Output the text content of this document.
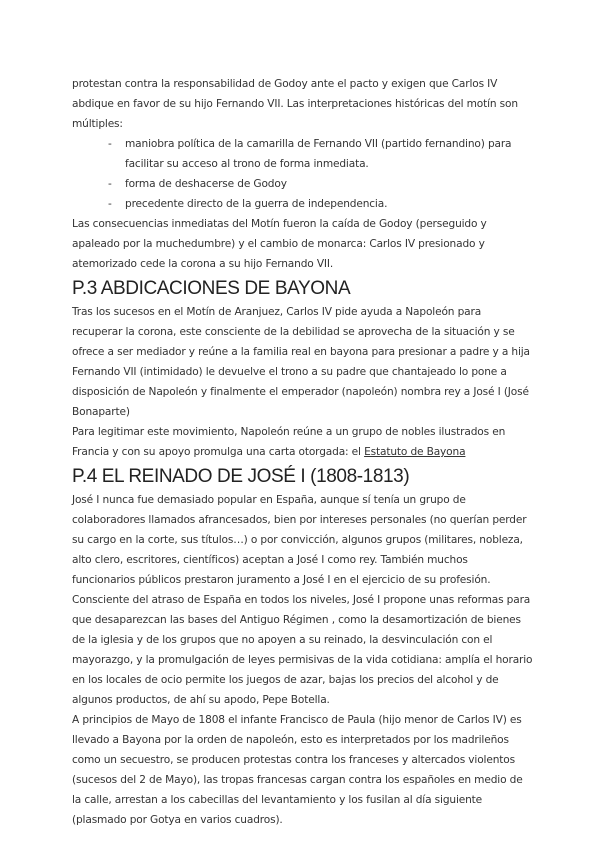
protestan contra la responsabilidad de Godoy ante el pacto y exigen que Carlos IV abdique en favor de su hijo Fernando VII. Las interpretaciones históricas del motín son múltiples:

- maniobra política de la camarilla de Fernando VII (partido fernandino) para facilitar su acceso al trono de forma inmediata.
- forma de deshacerse de Godoy
- precedente directo de la guerra de independencia.

Las consecuencias inmediatas del Motín fueron la caída de Godoy (perseguido y apaleado por la muchedumbre) y el cambio de monarca: Carlos IV presionado y atemorizado cede la corona a su hijo Fernando VII.

P.3 ABDICACIONES DE BAYONA

Tras los sucesos en el Motín de Aranjuez, Carlos IV pide ayuda a Napoleón para recuperar la corona, este consciente de la debilidad se aprovecha de la situación y se ofrece a ser mediador y reúne a la familia real en bayona para presionar a padre y a hija Fernando VII (intimidado) le devuelve el trono a su padre que chantajeado lo pone a disposición de Napoleón y finalmente el emperador (napoleón) nombra rey a José I (José Bonaparte)

Para legitimar este movimiento, Napoleón reúne a un grupo de nobles ilustrados en Francia y con su apoyo promulga una carta otorgada: el Estatuto de Bayona

P.4 EL REINADO DE JOSÉ I (1808-1813)

José I nunca fue demasiado popular en España, aunque sí tenía un grupo de colaboradores llamados afrancesados, bien por intereses personales (no querían perder su cargo en la corte, sus títulos…) o por convicción, algunos grupos (militares, nobleza, alto clero, escritores, científicos) aceptan a José I como rey. También muchos funcionarios públicos prestaron juramento a José I en el ejercicio de su profesión.

Consciente del atraso de España en todos los niveles, José I propone unas reformas para que desaparezcan las bases del Antiguo Régimen , como la desamortización de bienes de la iglesia y de los grupos que no apoyen a su reinado, la desvinculación con el mayorazgo, y la promulgación de leyes permisivas de la vida cotidiana: amplía el horario en los locales de ocio permite los juegos de azar, bajas los precios del alcohol y de algunos productos, de ahí su apodo, Pepe Botella.

A principios de Mayo de 1808 el infante Francisco de Paula (hijo menor de Carlos IV) es llevado a Bayona por la orden de napoleón, esto es interpretados por los madrileños como un secuestro, se producen protestas contra los franceses y altercados violentos (sucesos del 2 de Mayo), las tropas francesas cargan contra los españoles en medio de la calle, arrestan a los cabecillas del levantamiento y los fusilan al día siguiente (plasmado por Gotya en varios cuadros).
